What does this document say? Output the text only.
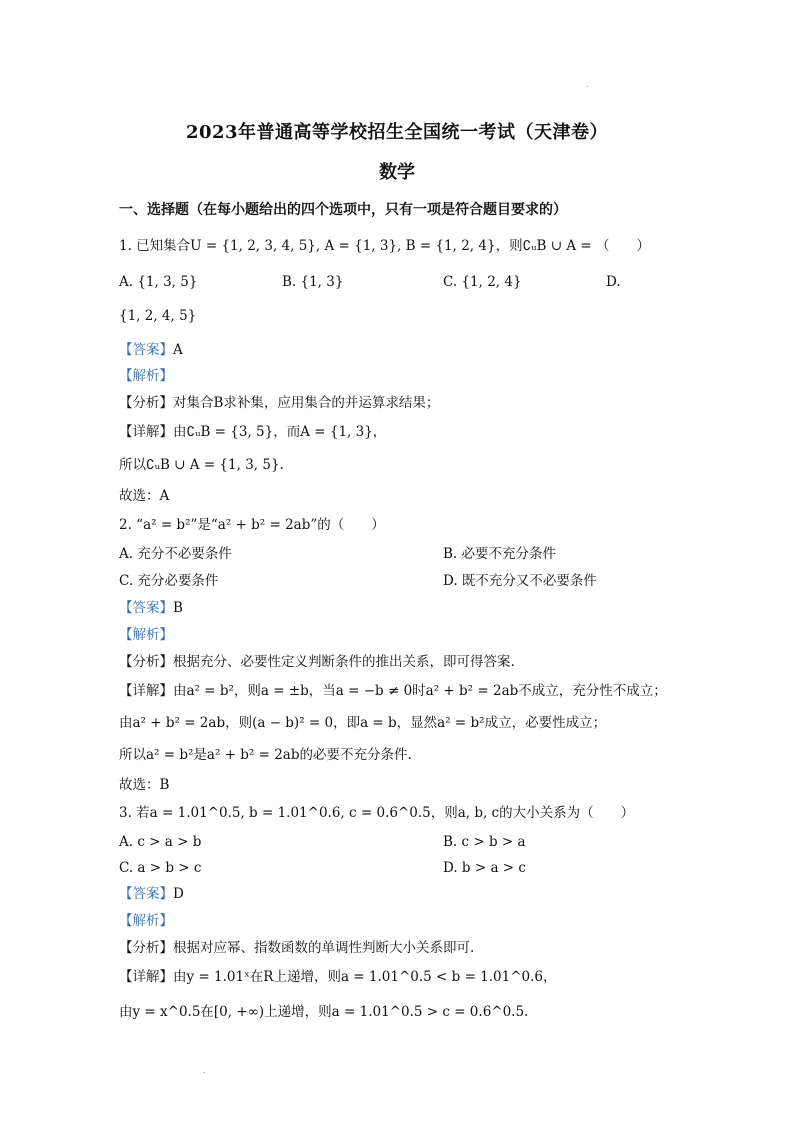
.
2023年普通高等学校招生全国统一考试（天津卷）
数学
一、选择题（在每小题给出的四个选项中，只有一项是符合题目要求的）
1. 已知集合U = {1, 2, 3, 4, 5}, A = {1, 3}, B = {1, 2, 4}，则∁ᵤB ∪ A = （　　）
A. {1, 3, 5}	B. {1, 3}	C. {1, 2, 4}	D.
{1, 2, 4, 5}
【答案】A
【解析】
【分析】对集合B求补集，应用集合的并运算求结果；
【详解】由∁ᵤB = {3, 5}，而A = {1, 3}，
所以∁ᵤB ∪ A = {1, 3, 5}.
故选：A
2. “a² = b²”是“a² + b² = 2ab”的（　　）
A. 充分不必要条件	B. 必要不充分条件
C. 充分必要条件	D. 既不充分又不必要条件
【答案】B
【解析】
【分析】根据充分、必要性定义判断条件的推出关系，即可得答案.
【详解】由a² = b²，则a = ±b，当a = −b ≠ 0时a² + b² = 2ab不成立，充分性不成立；
由a² + b² = 2ab，则(a − b)² = 0，即a = b，显然a² = b²成立，必要性成立；
所以a² = b²是a² + b² = 2ab的必要不充分条件.
故选：B
3. 若a = 1.01^0.5, b = 1.01^0.6, c = 0.6^0.5，则a, b, c的大小关系为（　　）
A. c > a > b	B. c > b > a
C. a > b > c	D. b > a > c
【答案】D
【解析】
【分析】根据对应幂、指数函数的单调性判断大小关系即可.
【详解】由y = 1.01ˣ在R上递增，则a = 1.01^0.5 < b = 1.01^0.6，
由y = x^0.5在[0, +∞)上递增，则a = 1.01^0.5 > c = 0.6^0.5.
.
